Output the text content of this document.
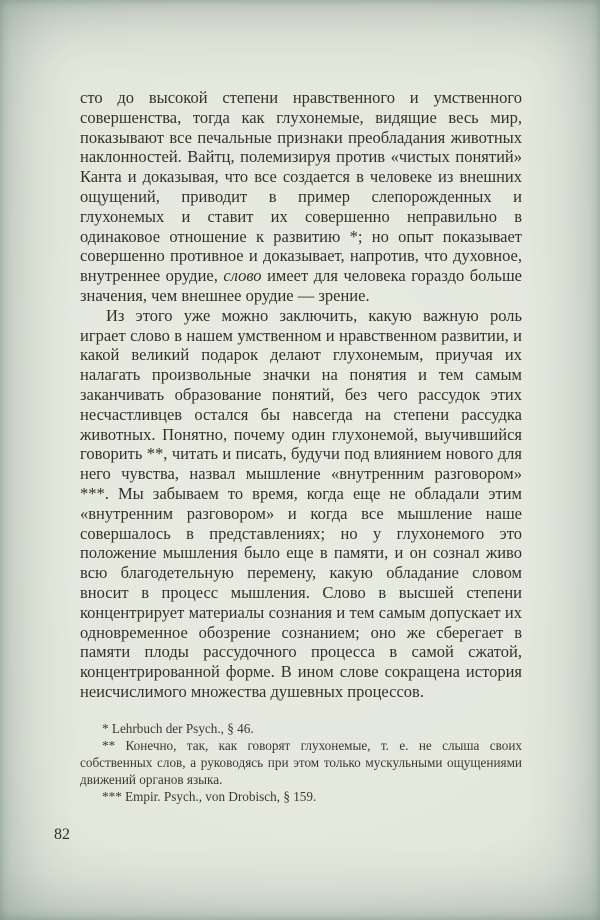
сто до высокой степени нравственного и умственного совершенства, тогда как глухонемые, видящие весь мир, показывают все печальные признаки преобладания животных наклонностей. Вайтц, полемизируя против «чистых понятий» Канта и доказывая, что все создается в человеке из внешних ощущений, приводит в пример слепорожденных и глухонемых и ставит их совершенно неправильно в одинаковое отношение к развитию *; но опыт показывает совершенно противное и доказывает, напротив, что духовное, внутреннее орудие, слово имеет для человека гораздо больше значения, чем внешнее орудие — зрение.

Из этого уже можно заключить, какую важную роль играет слово в нашем умственном и нравственном развитии, и какой великий подарок делают глухонемым, приучая их налагать произвольные значки на понятия и тем самым заканчивать образование понятий, без чего рассудок этих несчастливцев остался бы навсегда на степени рассудка животных. Понятно, почему один глухонемой, выучившийся говорить **, читать и писать, будучи под влиянием нового для него чувства, назвал мышление «внутренним разговором» ***. Мы забываем то время, когда еще не обладали этим «внутренним разговором» и когда все мышление наше совершалось в представлениях; но у глухонемого это положение мышления было еще в памяти, и он сознал живо всю благодетельную перемену, какую обладание словом вносит в процесс мышления. Слово в высшей степени концентрирует материалы сознания и тем самым допускает их одновременное обозрение сознанием; оно же сберегает в памяти плоды рассудочного процесса в самой сжатой, концентрированной форме. В ином слове сокращена история неисчислимого множества душевных процессов.

* Lehrbuch der Psych., § 46.

** Конечно, так, как говорят глухонемые, т. е. не слыша своих собственных слов, а руководясь при этом только мускульными ощущениями движений органов языка.

*** Empir. Psych., von Drobisch, § 159.

82
